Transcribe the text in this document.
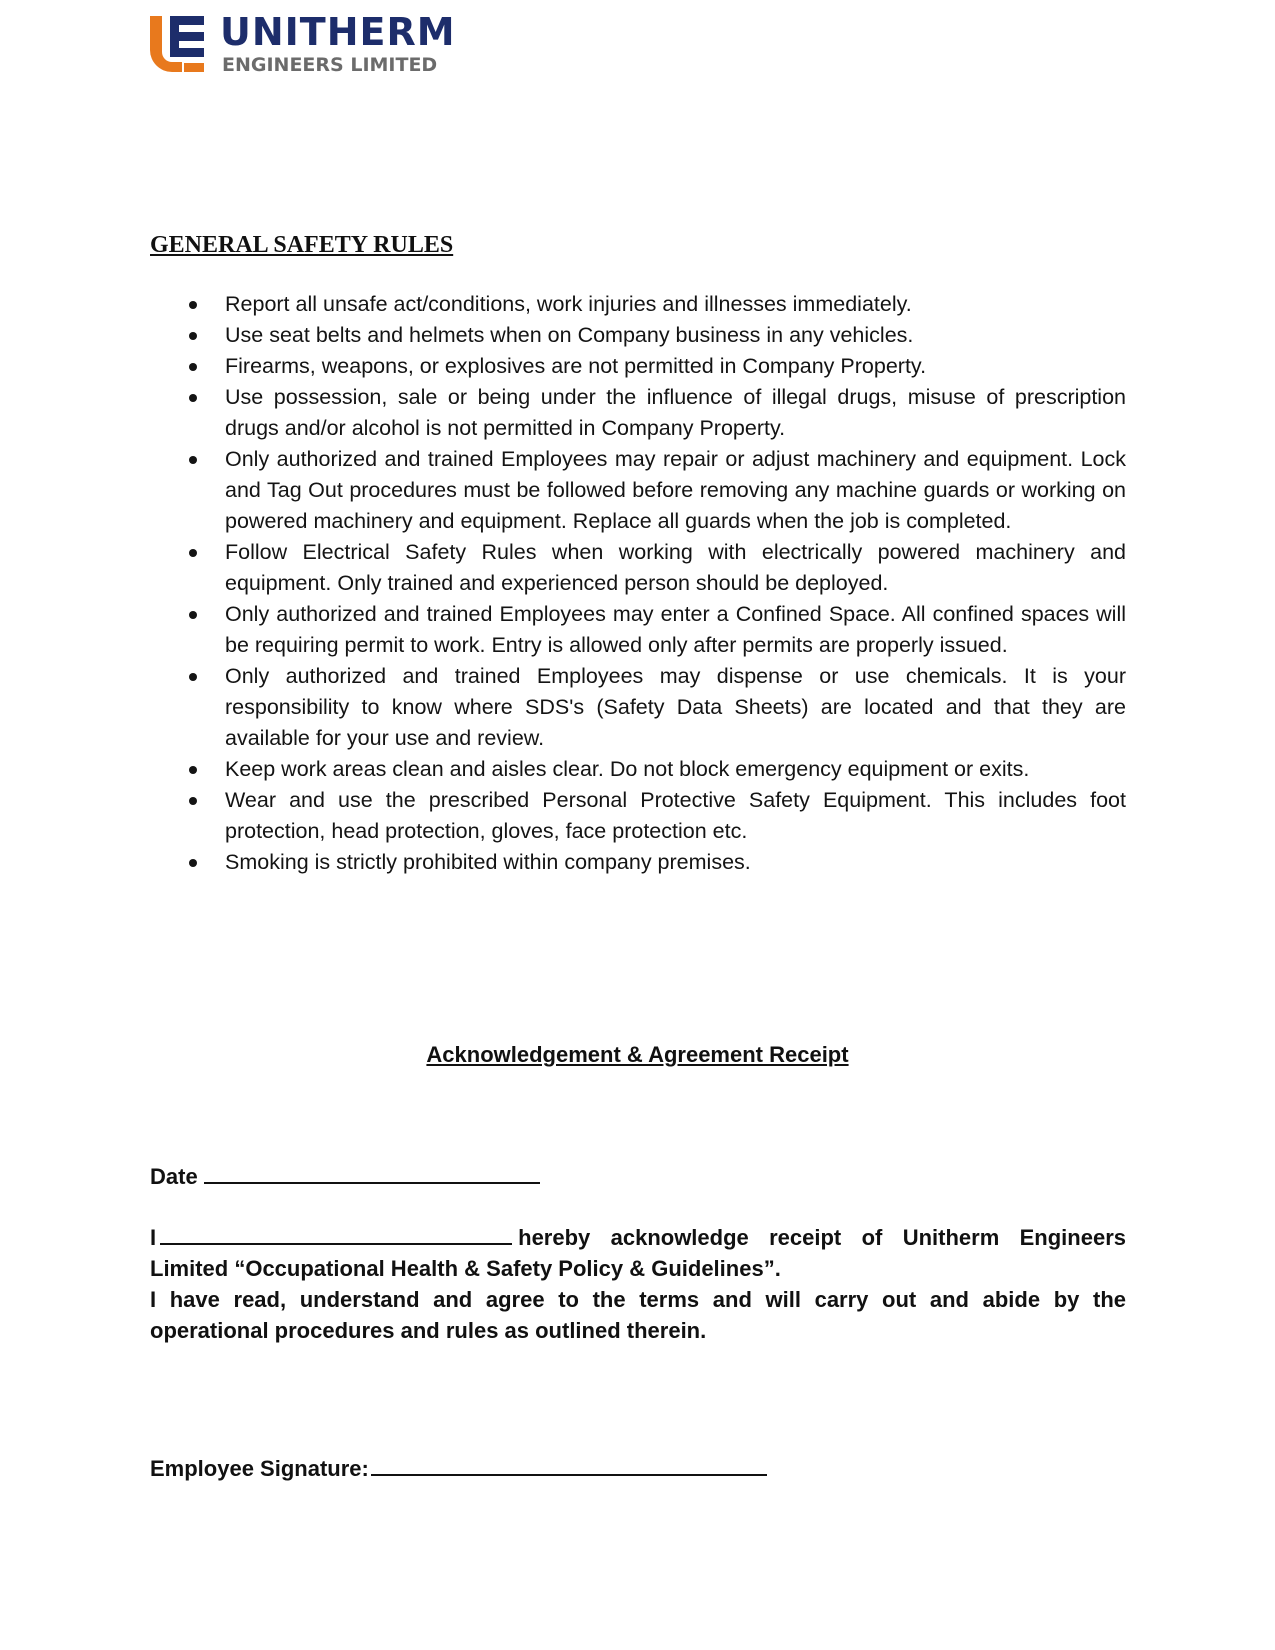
UNITHERM
ENGINEERS LIMITED
GENERAL SAFETY RULES
Report all unsafe act/conditions, work injuries and illnesses immediately.
Use seat belts and helmets when on Company business in any vehicles.
Firearms, weapons, or explosives are not permitted in Company Property.
Use possession, sale or being under the influence of illegal drugs, misuse of prescription drugs and/or alcohol is not permitted in Company Property.
Only authorized and trained Employees may repair or adjust machinery and equipment. Lock and Tag Out procedures must be followed before removing any machine guards or working on powered machinery and equipment. Replace all guards when the job is completed.
Follow Electrical Safety Rules when working with electrically powered machinery and equipment. Only trained and experienced person should be deployed.
Only authorized and trained Employees may enter a Confined Space. All confined spaces will be requiring permit to work. Entry is allowed only after permits are properly issued.
Only authorized and trained Employees may dispense or use chemicals. It is your responsibility to know where SDS's (Safety Data Sheets) are located and that they are available for your use and review.
Keep work areas clean and aisles clear. Do not block emergency equipment or exits.
Wear and use the prescribed Personal Protective Safety Equipment. This includes foot protection, head protection, gloves, face protection etc.
Smoking is strictly prohibited within company premises.
Acknowledgement & Agreement Receipt
Date
I	hereby acknowledge receipt of Unitherm Engineers Limited “Occupational Health & Safety Policy & Guidelines”.
I have read, understand and agree to the terms and will carry out and abide by the operational procedures and rules as outlined therein.
Employee Signature:
